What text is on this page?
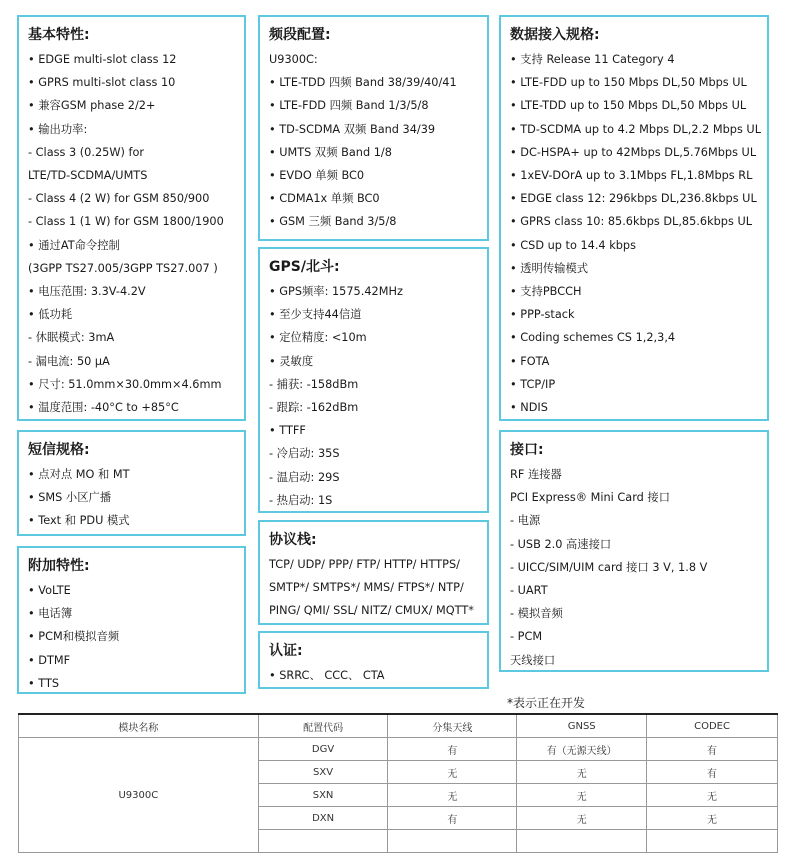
基本特性:
• EDGE multi-slot class 12
• GPRS multi-slot class 10
• 兼容GSM phase 2/2+
• 输出功率:
- Class 3 (0.25W) for
LTE/TD-SCDMA/UMTS
- Class 4 (2 W) for GSM 850/900
- Class 1 (1 W) for GSM 1800/1900
• 通过AT命令控制
(3GPP TS27.005/3GPP TS27.007 )
• 电压范围: 3.3V-4.2V
• 低功耗
- 休眠模式: 3mA
- 漏电流: 50 μA
• 尺寸: 51.0mm×30.0mm×4.6mm
• 温度范围: -40°C to +85°C
短信规格:
• 点对点 MO 和 MT
• SMS 小区广播
• Text 和 PDU 模式
附加特性:
• VoLTE
• 电话簿
• PCM和模拟音频
• DTMF
• TTS
频段配置:
U9300C:
• LTE-TDD 四频 Band 38/39/40/41
• LTE-FDD 四频 Band 1/3/5/8
• TD-SCDMA 双频 Band 34/39
• UMTS 双频 Band 1/8
• EVDO 单频 BC0
• CDMA1x 单频 BC0
• GSM 三频 Band 3/5/8
GPS/北斗:
• GPS频率: 1575.42MHz
• 至少支持44信道
• 定位精度: <10m
• 灵敏度
- 捕获: -158dBm
- 跟踪: -162dBm
• TTFF
- 冷启动: 35S
- 温启动: 29S
- 热启动: 1S
协议栈:
TCP/ UDP/ PPP/ FTP/ HTTP/ HTTPS/
SMTP*/ SMTPS*/ MMS/ FTPS*/ NTP/
PING/ QMI/ SSL/ NITZ/ CMUX/ MQTT*
认证:
• SRRC、 CCC、 CTA
数据接入规格:
• 支持 Release 11 Category 4
• LTE-FDD up to 150 Mbps DL,50 Mbps UL
• LTE-TDD up to 150 Mbps DL,50 Mbps UL
• TD-SCDMA up to 4.2 Mbps DL,2.2 Mbps UL
• DC-HSPA+ up to 42Mbps DL,5.76Mbps UL
• 1xEV-DOrA up to 3.1Mbps FL,1.8Mbps RL
• EDGE class 12: 296kbps DL,236.8kbps UL
• GPRS class 10: 85.6kbps DL,85.6kbps UL
• CSD up to 14.4 kbps
• 透明传输模式
• 支持PBCCH
• PPP-stack
• Coding schemes CS 1,2,3,4
• FOTA
• TCP/IP
• NDIS
接口:
RF 连接器
PCI Express® Mini Card 接口
- 电源
- USB 2.0 高速接口
- UICC/SIM/UIM card 接口 3 V, 1.8 V
- UART
- 模拟音频
- PCM
天线接口
*表示正在开发
模块名称	配置代码	分集天线	GNSS	CODEC
U9300C	DGV	有	有（无源天线）	有
	SXV	无	无	有
	SXN	无	无	无
	DXN	有	无	无
